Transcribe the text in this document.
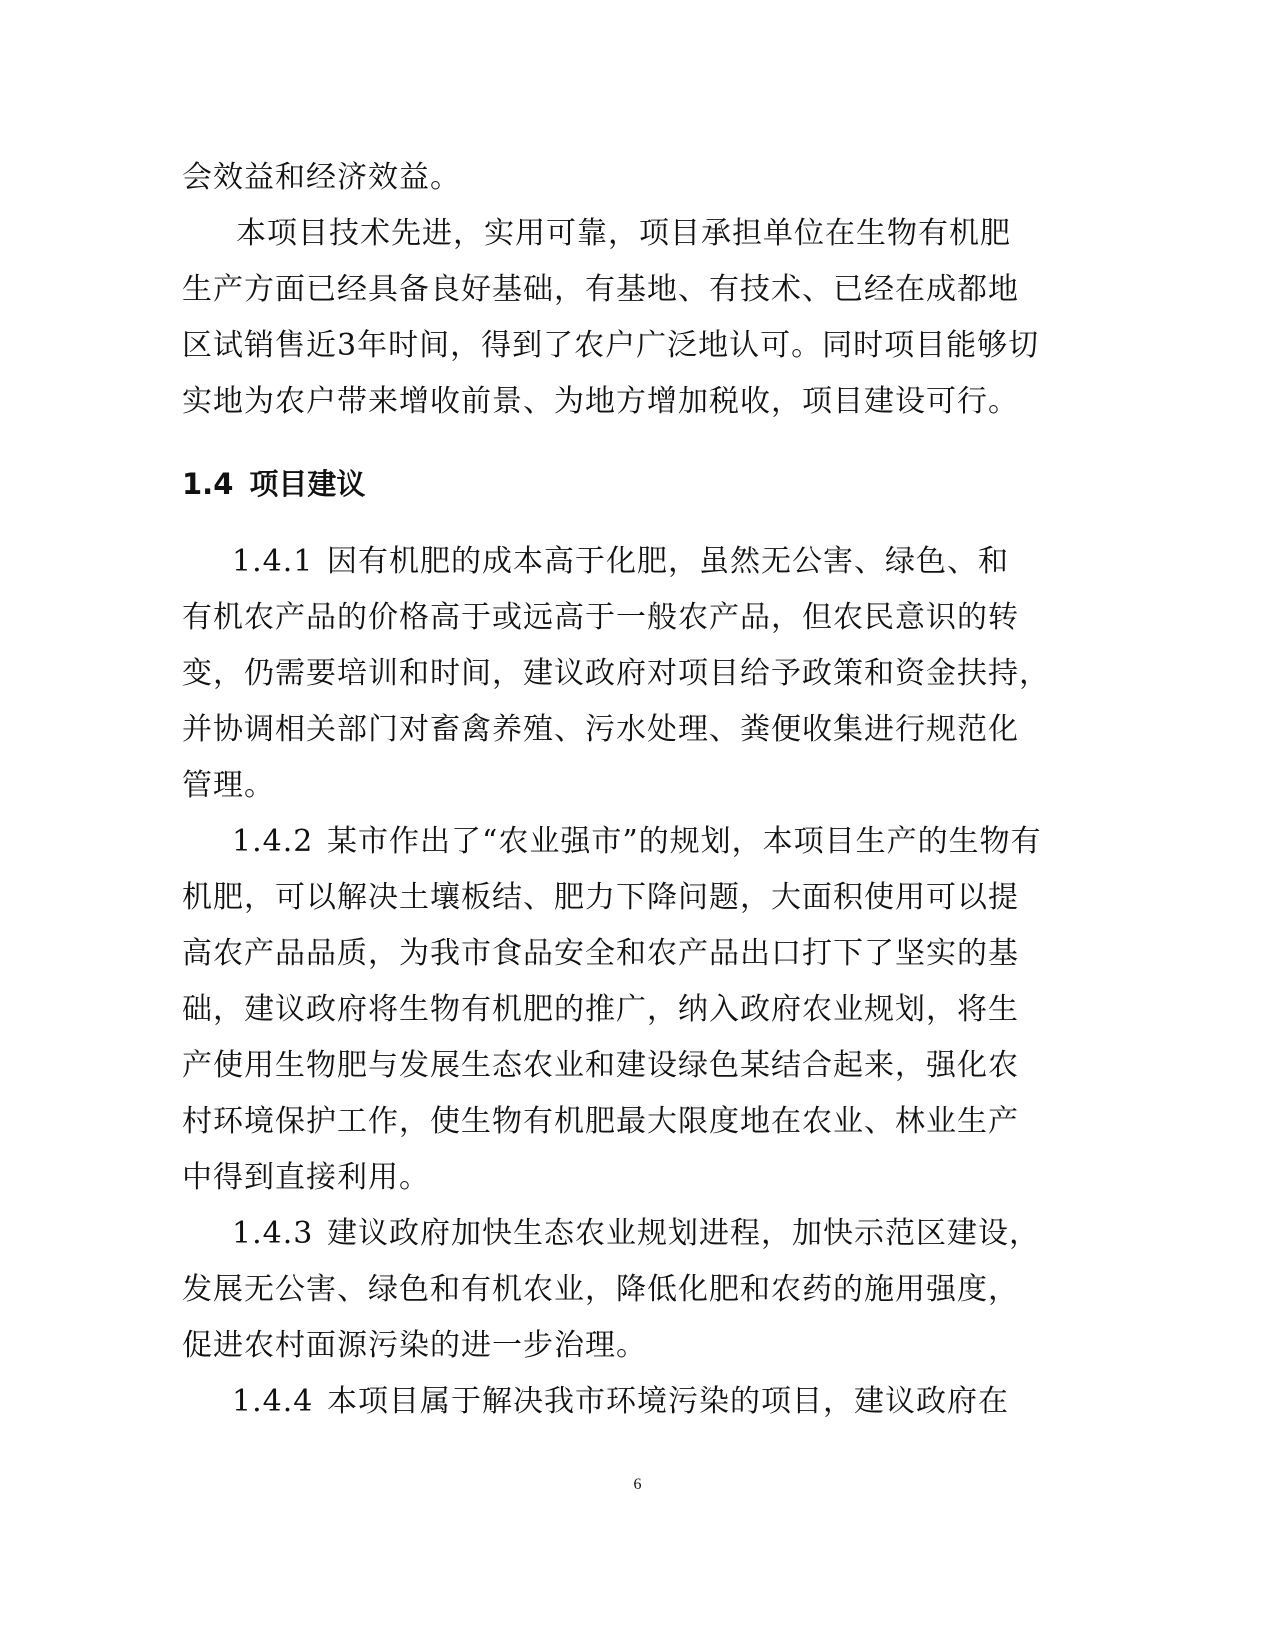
会效益和经济效益。
本项目技术先进，实用可靠，项目承担单位在生物有机肥
生产方面已经具备良好基础，有基地、有技术、已经在成都地
区试销售近3年时间，得到了农户广泛地认可。同时项目能够切
实地为农户带来增收前景、为地方增加税收，项目建设可行。
1.4 项目建议
1.4.1 因有机肥的成本高于化肥，虽然无公害、绿色、和
有机农产品的价格高于或远高于一般农产品，但农民意识的转
变，仍需要培训和时间，建议政府对项目给予政策和资金扶持，
并协调相关部门对畜禽养殖、污水处理、粪便收集进行规范化
管理。
1.4.2 某市作出了“农业强市”的规划，本项目生产的生物有
机肥，可以解决土壤板结、肥力下降问题，大面积使用可以提
高农产品品质，为我市食品安全和农产品出口打下了坚实的基
础，建议政府将生物有机肥的推广，纳入政府农业规划，将生
产使用生物肥与发展生态农业和建设绿色某结合起来，强化农
村环境保护工作，使生物有机肥最大限度地在农业、林业生产
中得到直接利用。
1.4.3 建议政府加快生态农业规划进程，加快示范区建设，
发展无公害、绿色和有机农业，降低化肥和农药的施用强度，
促进农村面源污染的进一步治理。
1.4.4 本项目属于解决我市环境污染的项目，建议政府在
6
